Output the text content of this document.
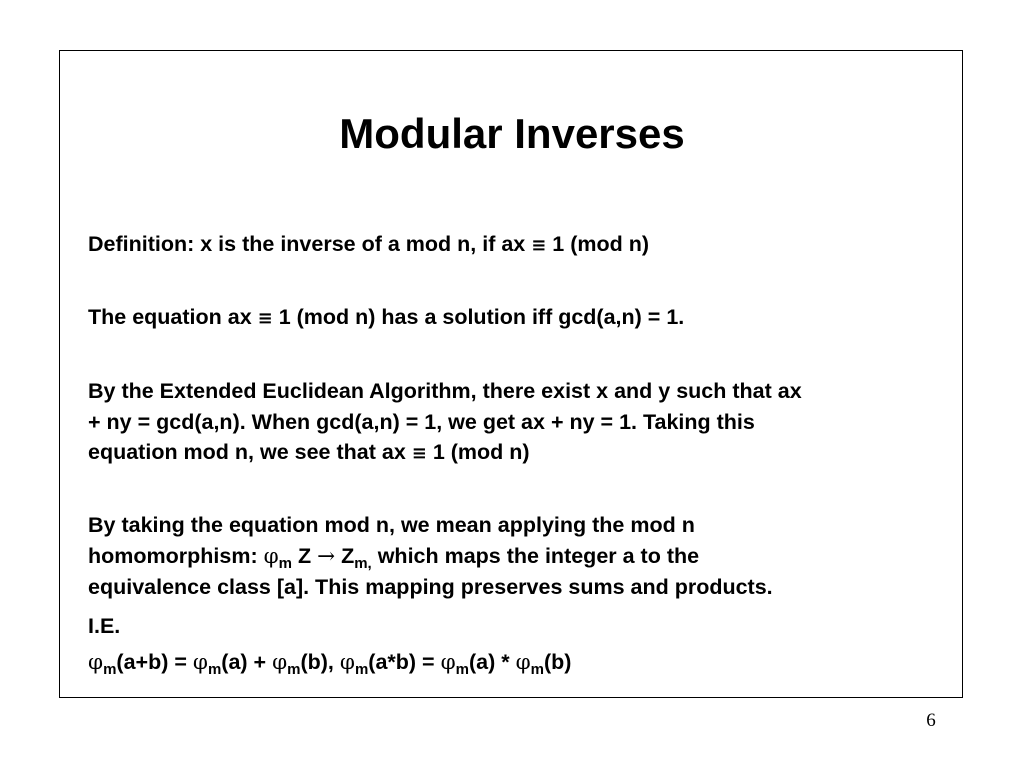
Modular Inverses

Definition: x is the inverse of a mod n, if ax ≡ 1 (mod n)

The equation ax ≡ 1 (mod n) has a solution iff gcd(a,n) = 1.

By the Extended Euclidean Algorithm, there exist x and y such that ax
+ ny = gcd(a,n). When gcd(a,n) = 1, we get ax + ny = 1. Taking this
equation mod n, we see that ax ≡ 1 (mod n)

By taking the equation mod n, we mean applying the mod n
homomorphism: $\varphi_m$ $Z \to Z_{m,}$ which maps the integer a to the
equivalence class [a]. This mapping preserves sums and products.

I.E.

$\varphi_m(a+b) = \varphi_m(a) + \varphi_m(b)$, $\varphi_m(a*b) = \varphi_m(a) * \varphi_m(b)$

6
